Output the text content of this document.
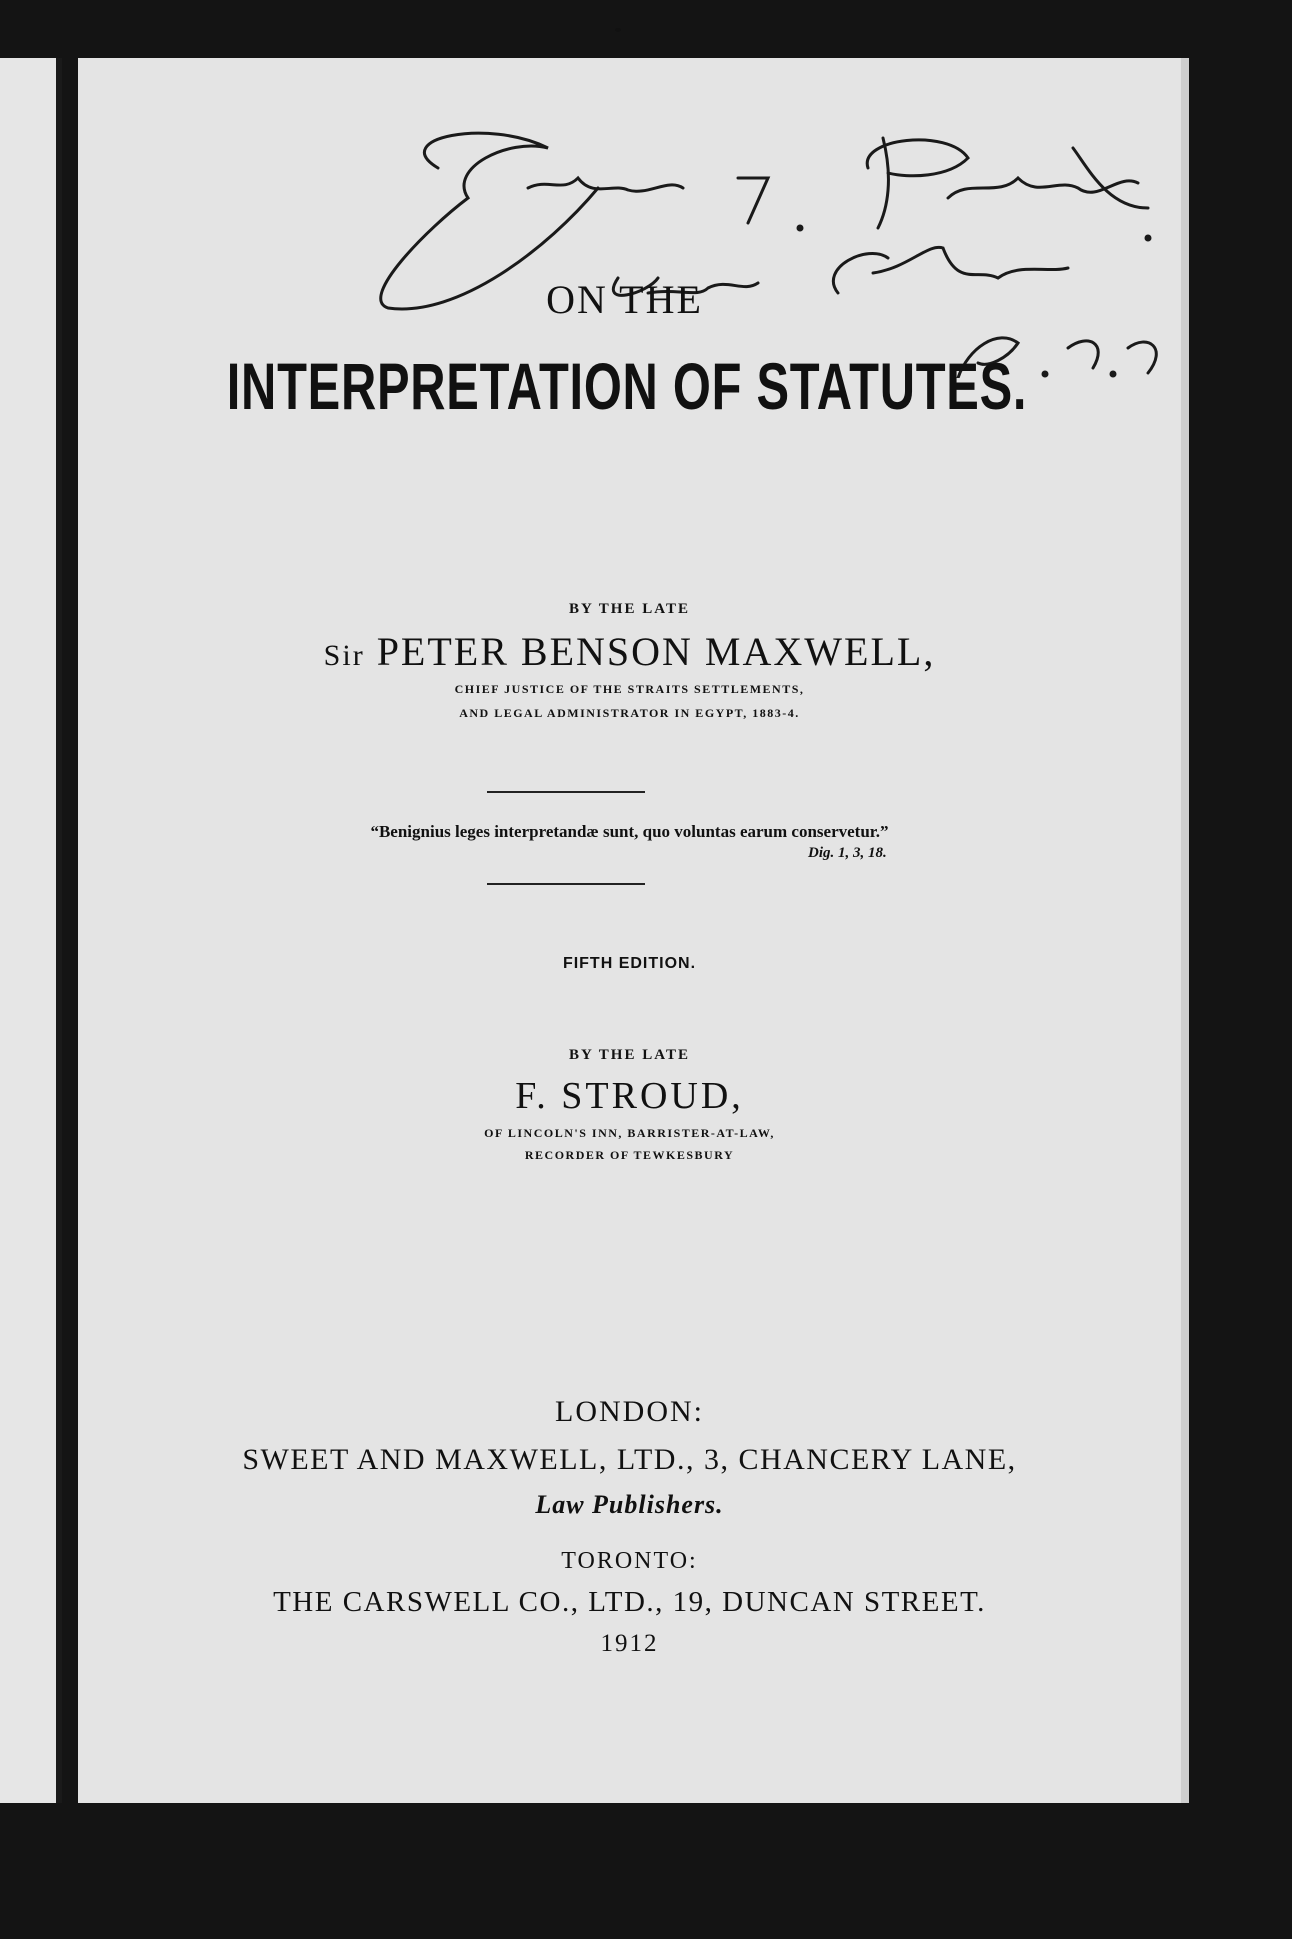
ON THE
INTERPRETATION OF STATUTES.
BY THE LATE
Sir PETER BENSON MAXWELL,
CHIEF JUSTICE OF THE STRAITS SETTLEMENTS,
AND LEGAL ADMINISTRATOR IN EGYPT, 1883-4.
“Benignius leges interpretandæ sunt, quo voluntas earum conservetur.”
Dig. 1, 3, 18.
FIFTH EDITION.
BY THE LATE
F. STROUD,
OF LINCOLN'S INN, BARRISTER-AT-LAW,
RECORDER OF TEWKESBURY
LONDON:
SWEET AND MAXWELL, LTD., 3, CHANCERY LANE,
Law Publishers.
TORONTO:
THE CARSWELL CO., LTD., 19, DUNCAN STREET.
1912
